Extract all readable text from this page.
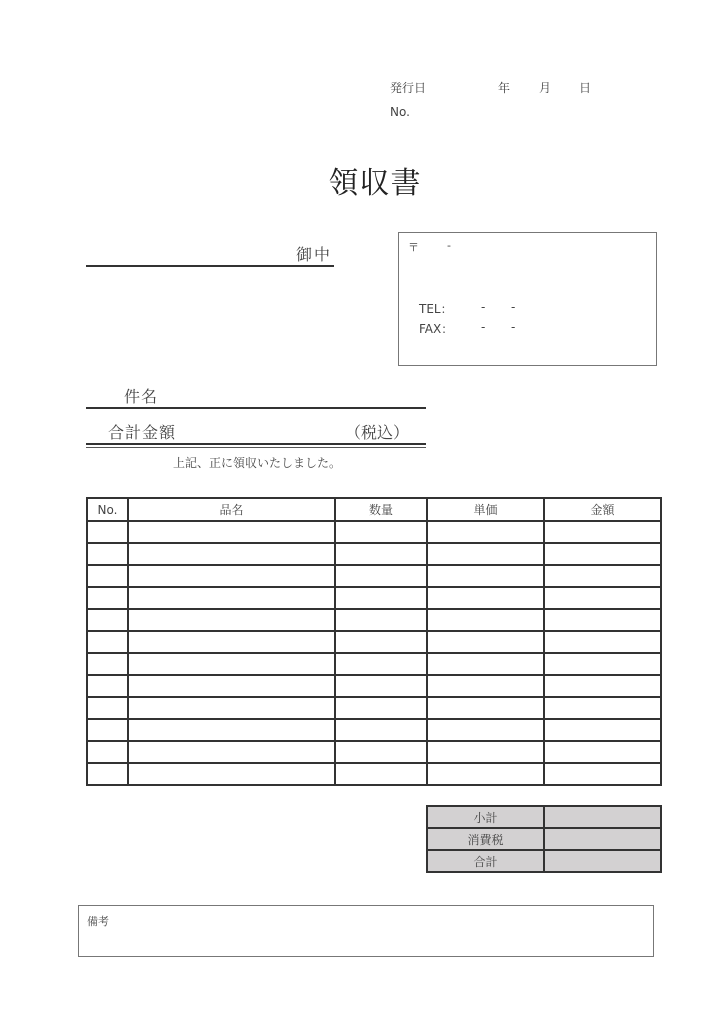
発行日	年 月 日
No.
領収書
御中	〒	-
TEL： - -
FAX： - -
件名
合計金額	（税込）
上記、正に領収いたしました。
No.	品名	数量	単価	金額

小計	
消費税	
合計	
備考
